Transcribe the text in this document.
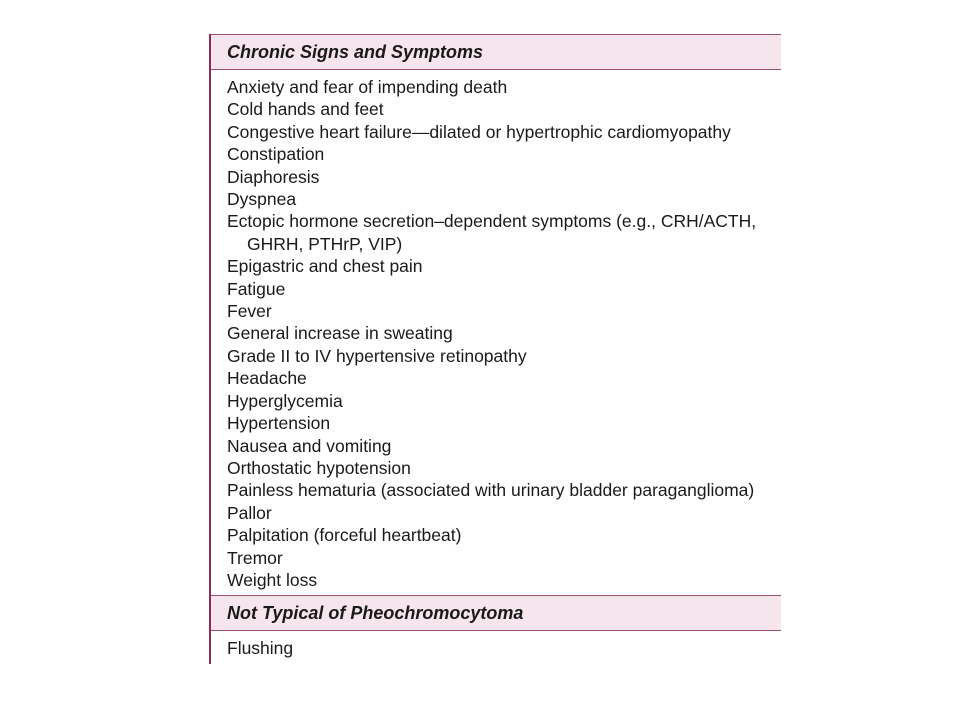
Chronic Signs and Symptoms
Anxiety and fear of impending death
Cold hands and feet
Congestive heart failure—dilated or hypertrophic cardiomyopathy
Constipation
Diaphoresis
Dyspnea
Ectopic hormone secretion–dependent symptoms (e.g., CRH/ACTH,
GHRH, PTHrP, VIP)
Epigastric and chest pain
Fatigue
Fever
General increase in sweating
Grade II to IV hypertensive retinopathy
Headache
Hyperglycemia
Hypertension
Nausea and vomiting
Orthostatic hypotension
Painless hematuria (associated with urinary bladder paraganglioma)
Pallor
Palpitation (forceful heartbeat)
Tremor
Weight loss
Not Typical of Pheochromocytoma
Flushing
